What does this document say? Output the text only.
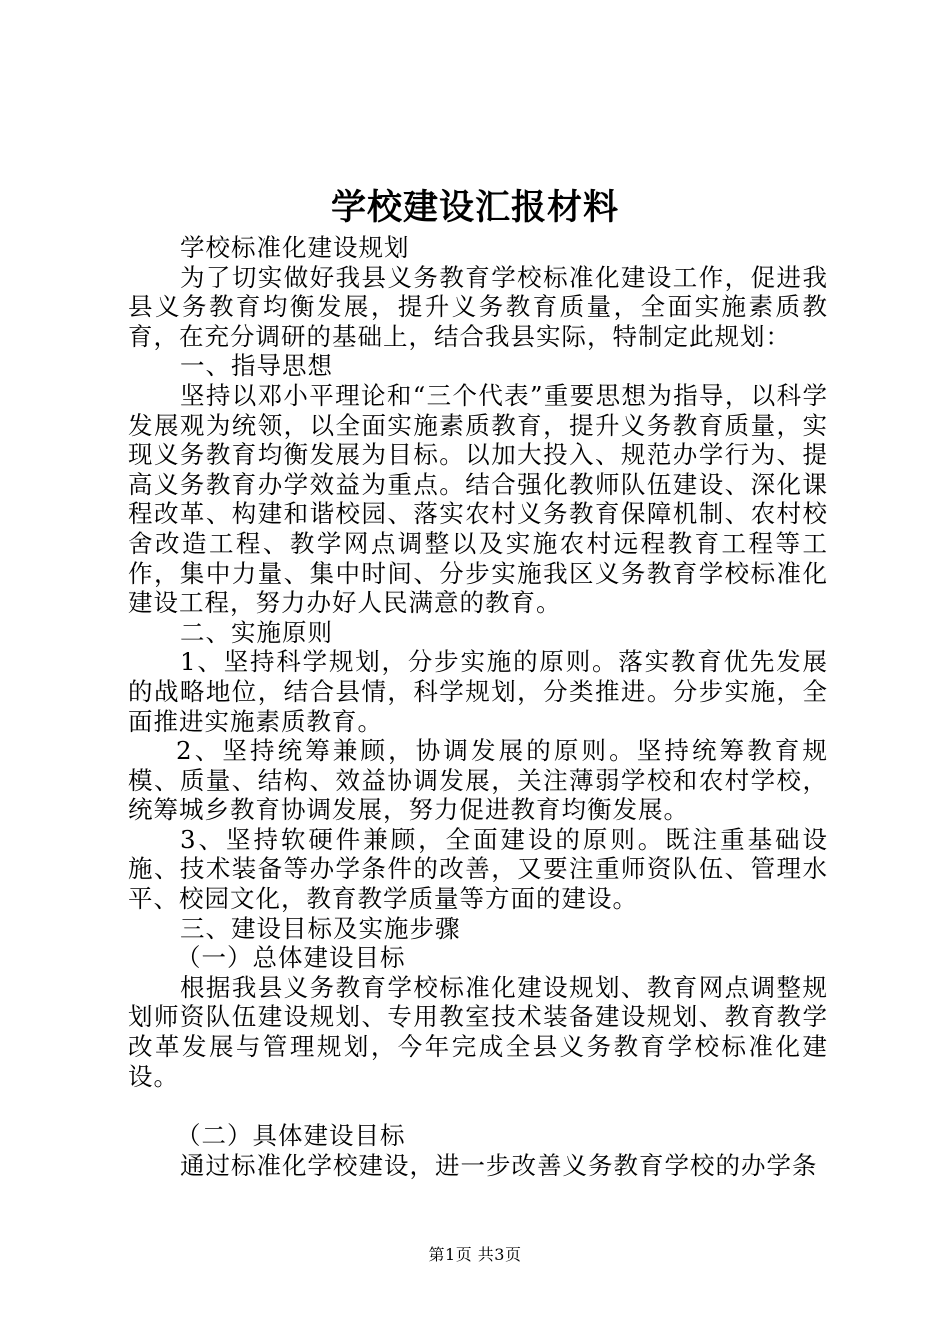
学校建设汇报材料

学校标准化建设规划

为了切实做好我县义务教育学校标准化建设工作，促进我县义务教育均衡发展，提升义务教育质量，全面实施素质教育，在充分调研的基础上，结合我县实际，特制定此规划：

一、指导思想

坚持以邓小平理论和“三个代表”重要思想为指导，以科学发展观为统领，以全面实施素质教育，提升义务教育质量，实现义务教育均衡发展为目标。以加大投入、规范办学行为、提高义务教育办学效益为重点。结合强化教师队伍建设、深化课程改革、构建和谐校园、落实农村义务教育保障机制、农村校舍改造工程、教学网点调整以及实施农村远程教育工程等工作，集中力量、集中时间、分步实施我区义务教育学校标准化建设工程，努力办好人民满意的教育。

二、实施原则

1、坚持科学规划，分步实施的原则。落实教育优先发展的战略地位，结合县情，科学规划，分类推进。分步实施，全面推进实施素质教育。

2、坚持统筹兼顾，协调发展的原则。坚持统筹教育规模、质量、结构、效益协调发展，关注薄弱学校和农村学校，统筹城乡教育协调发展，努力促进教育均衡发展。

3、坚持软硬件兼顾，全面建设的原则。既注重基础设施、技术装备等办学条件的改善，又要注重师资队伍、管理水平、校园文化，教育教学质量等方面的建设。

三、建设目标及实施步骤

（一）总体建设目标

根据我县义务教育学校标准化建设规划、教育网点调整规划师资队伍建设规划、专用教室技术装备建设规划、教育教学改革发展与管理规划，今年完成全县义务教育学校标准化建设。

（二）具体建设目标

通过标准化学校建设，进一步改善义务教育学校的办学条

第1页 共3页
